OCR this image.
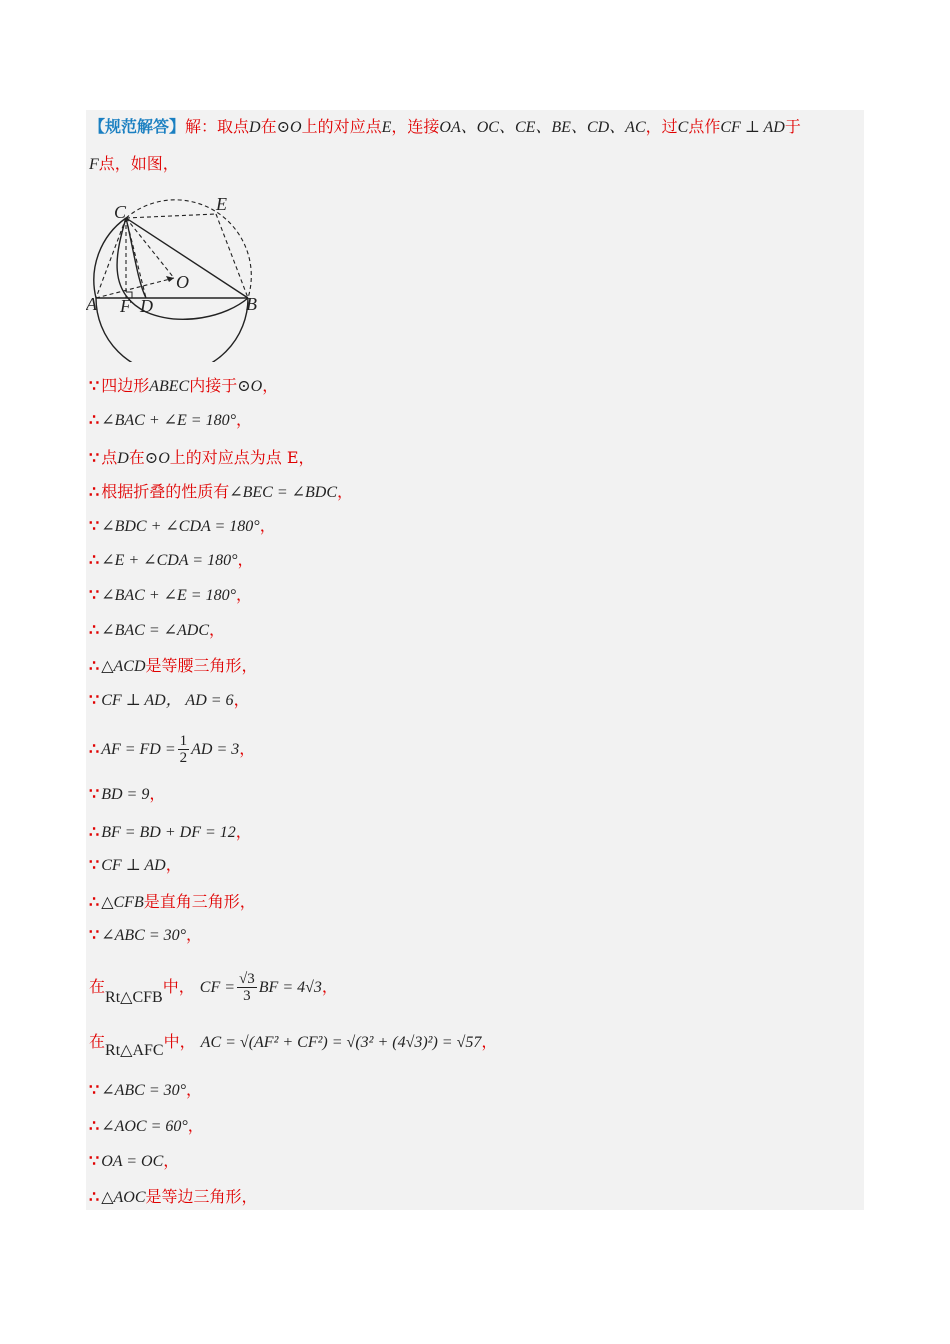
【规范解答】解：取点D在⊙O上的对应点E，连接OA、OC、CE、BE、CD、AC，过C点作CF ⊥ AD于
F点，如图，
C	E
O
A F D	B
∵ 四边形ABEC内接于⊙O，
∴ ∠BAC + ∠E = 180°，
∵ 点D在⊙O上的对应点为点 E，
∴ 根据折叠的性质有∠BEC = ∠BDC，
∵ ∠BDC + ∠CDA = 180°，
∴ ∠E + ∠CDA = 180°，
∵ ∠BAC + ∠E = 180°，
∴ ∠BAC = ∠ADC，
∴ △ACD是等腰三角形，
∵ CF ⊥ AD， AD = 6，
∴ AF = FD = $\frac{1}{2}$ AD = 3，
∵ BD = 9，
∴ BF = BD + DF = 12，
∵ CF ⊥ AD，
∴ △CFB是直角三角形，
∵ ∠ABC = 30°，
在Rt△CFB中， CF = $\frac{√3}{3}$ BF = 4√3，
在Rt△AFC中， AC = √(AF² + CF²) = √(3² + (4√3)²) = √57，
∵ ∠ABC = 30°，
∴ ∠AOC = 60°，
∵ OA = OC，
∴ △AOC是等边三角形，
